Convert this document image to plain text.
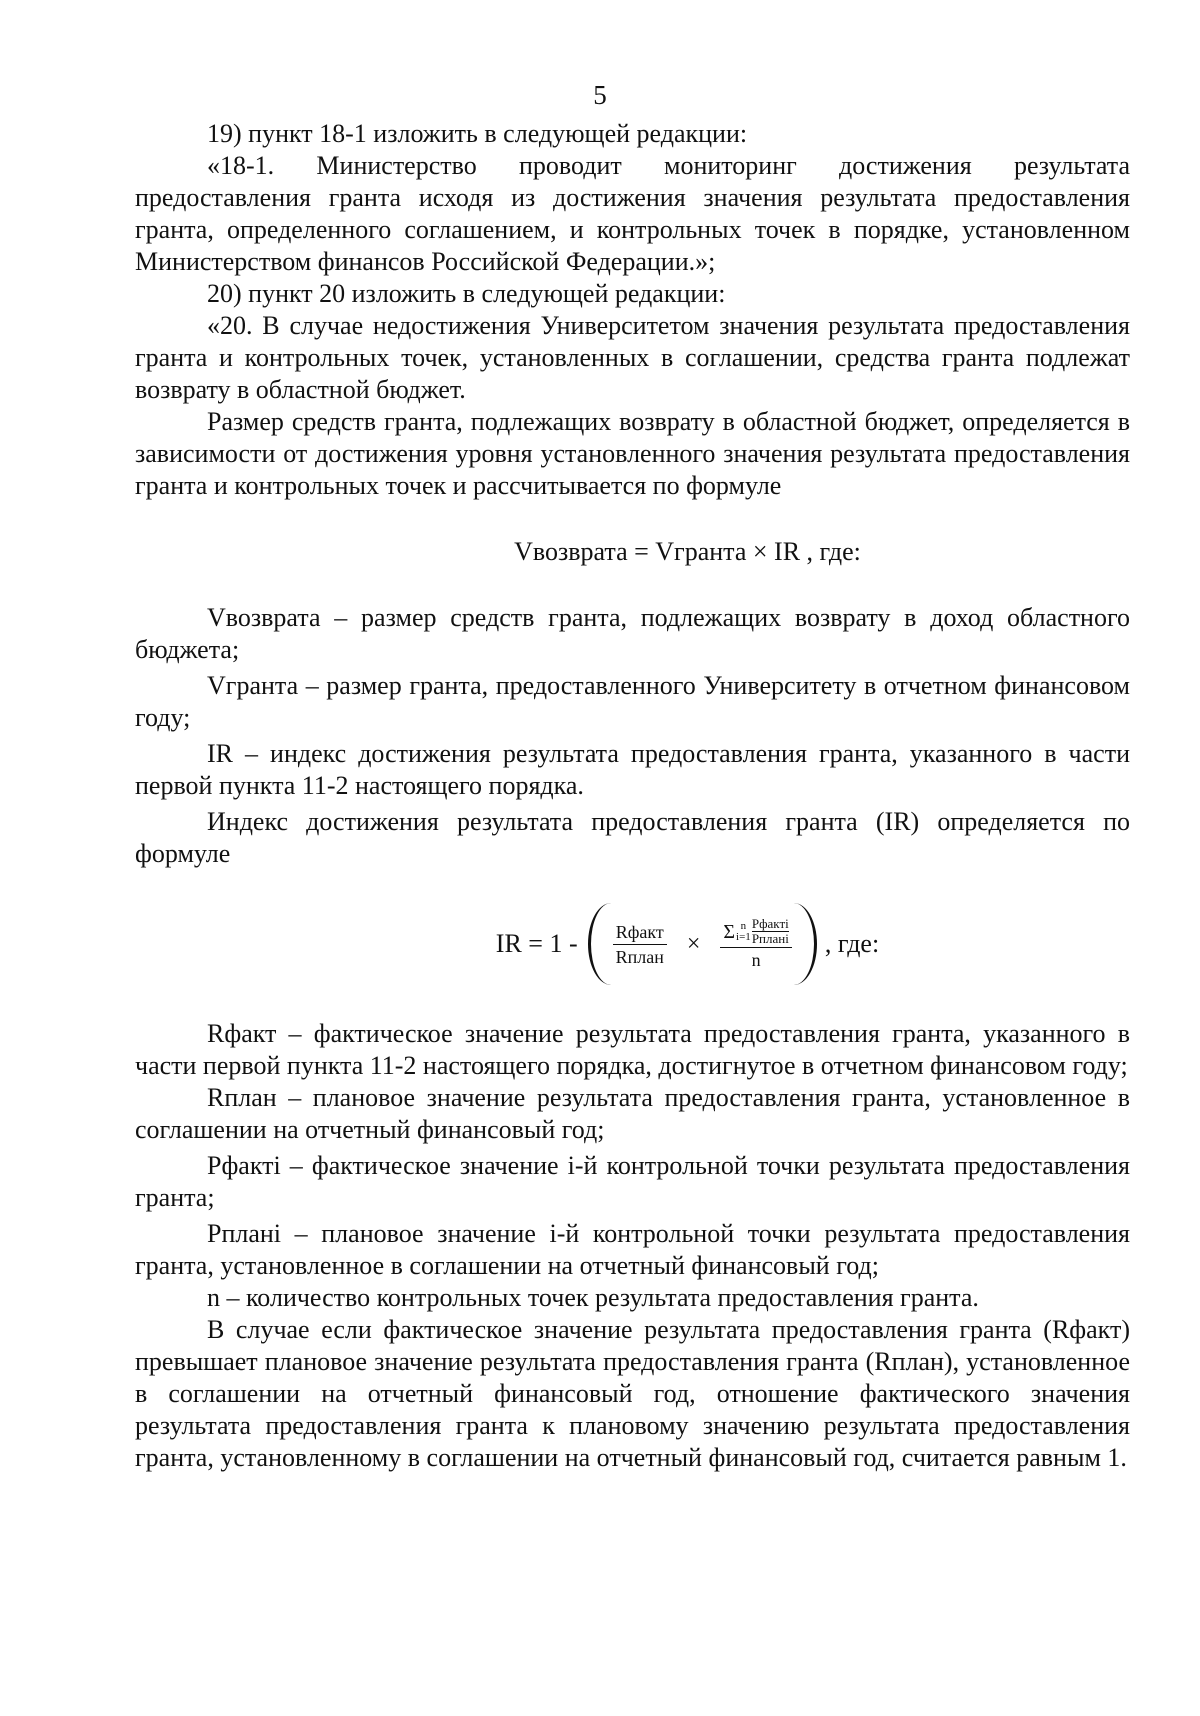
5

19) пункт 18-1 изложить в следующей редакции:

«18-1. Министерство проводит мониторинг достижения результата предоставления гранта исходя из достижения значения результата предоставления гранта, определенного соглашением, и контрольных точек в порядке, установленном Министерством финансов Российской Федерации.»;

20) пункт 20 изложить в следующей редакции:

«20. В случае недостижения Университетом значения результата предоставления гранта и контрольных точек, установленных в соглашении, средства гранта подлежат возврату в областной бюджет.

Размер средств гранта, подлежащих возврату в областной бюджет, определяется в зависимости от достижения уровня установленного значения результата предоставления гранта и контрольных точек и рассчитывается по формуле

Vвозврата = Vгранта × IR , где:

Vвозврата – размер средств гранта, подлежащих возврату в доход областного бюджета;

Vгранта – размер гранта, предоставленного Университету в отчетном финансовом году;

IR – индекс достижения результата предоставления гранта, указанного в части первой пункта 11-2 настоящего порядка.

Индекс достижения результата предоставления гранта (IR) определяется по формуле

IR = $1 - \frac{\text{Rфакт}}{\text{Rплан}} \times \Sigma$ n
$i=1 \frac{\text{Рфактi}}{\text{Рпланi}}$
n
, где:

Rфакт – фактическое значение результата предоставления гранта, указанного в части первой пункта 11-2 настоящего порядка, достигнутое в отчетном финансовом году;

Rплан – плановое значение результата предоставления гранта, установленное в соглашении на отчетный финансовый год;

Рфактi – фактическое значение i-й контрольной точки результата предоставления гранта;

Рпланi – плановое значение i-й контрольной точки результата предоставления гранта, установленное в соглашении на отчетный финансовый год;

n – количество контрольных точек результата предоставления гранта.

В случае если фактическое значение результата предоставления гранта (Rфакт) превышает плановое значение результата предоставления гранта (Rплан), установленное в соглашении на отчетный финансовый год, отношение фактического значения результата предоставления гранта к плановому значению результата предоставления гранта, установленному в соглашении на отчетный финансовый год, считается равным 1.
